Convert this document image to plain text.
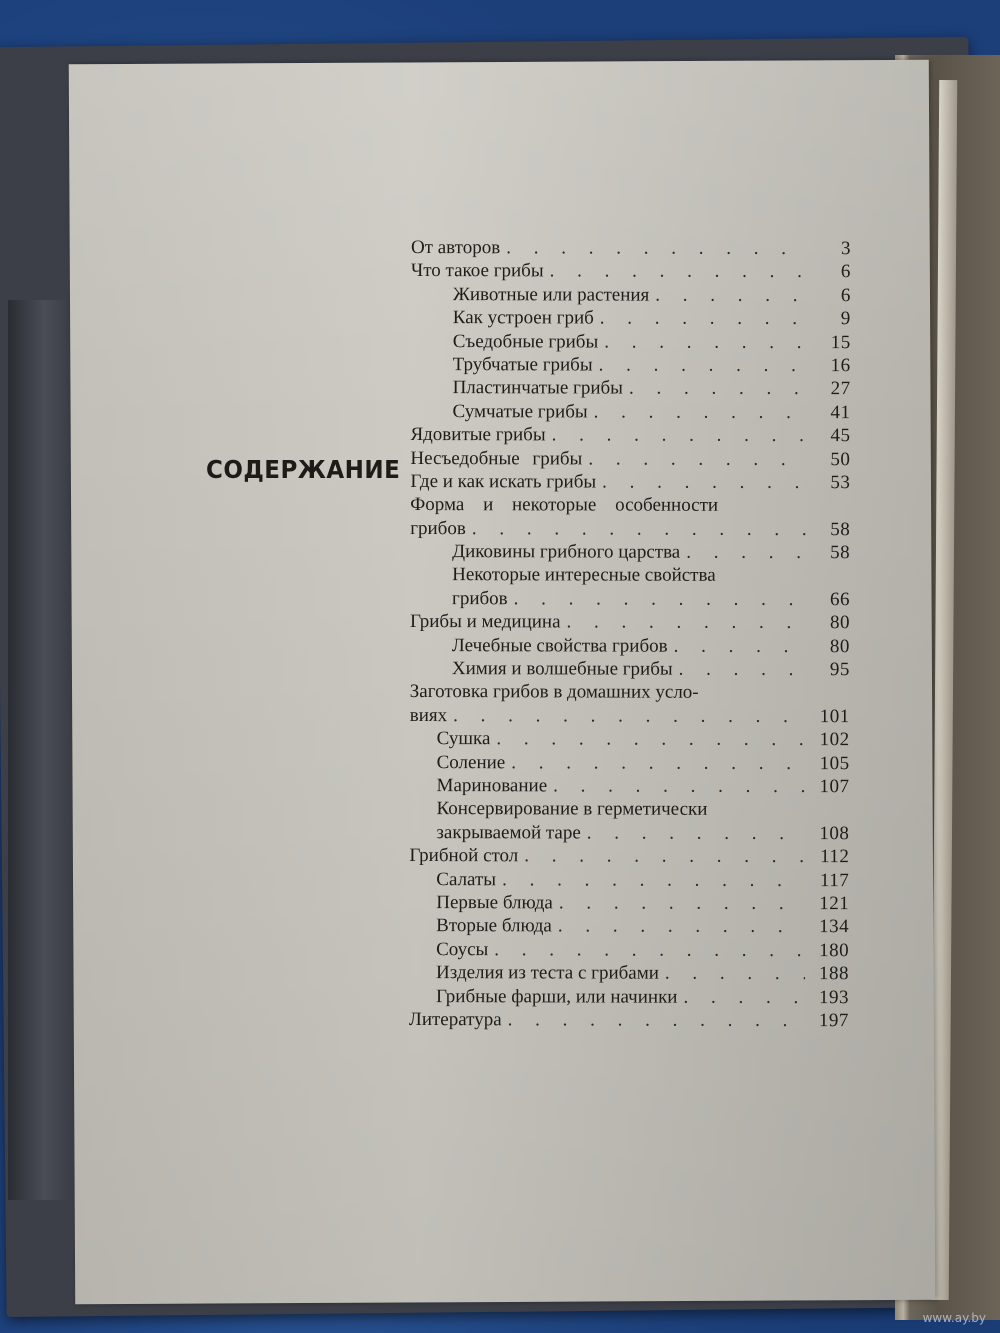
СОДЕРЖАНИЕ
От авторов . . .	3
Что такое грибы . . .	6
Животные или растения . . .	6
Как устроен гриб . . .	9
Съедобные грибы . . .	15
Трубчатые грибы . . .	16
Пластинчатые грибы . . .	27
Сумчатые грибы . . .	41
Ядовитые грибы . . .	45
Несъедобные грибы . . .	50
Где и как искать грибы . . .	53
Форма и некоторые особенности
грибов . . .	58
Диковины грибного царства . . .	58
Некоторые интересные свойства
грибов . . .	66
Грибы и медицина . . .	80
Лечебные свойства грибов . . .	80
Химия и волшебные грибы . . .	95
Заготовка грибов в домашних усло-
виях . . .	101
Сушка . . .	102
Соление . . .	105
Маринование . . .	107
Консервирование в герметически
закрываемой таре . . .	108
Грибной стол . . .	112
Салаты . . .	117
Первые блюда . . .	121
Вторые блюда . . .	134
Соусы . . .	180
Изделия из теста с грибами . . .	188
Грибные фарши, или начинки . . .	193
Литература . . .	197
www.ay.by
